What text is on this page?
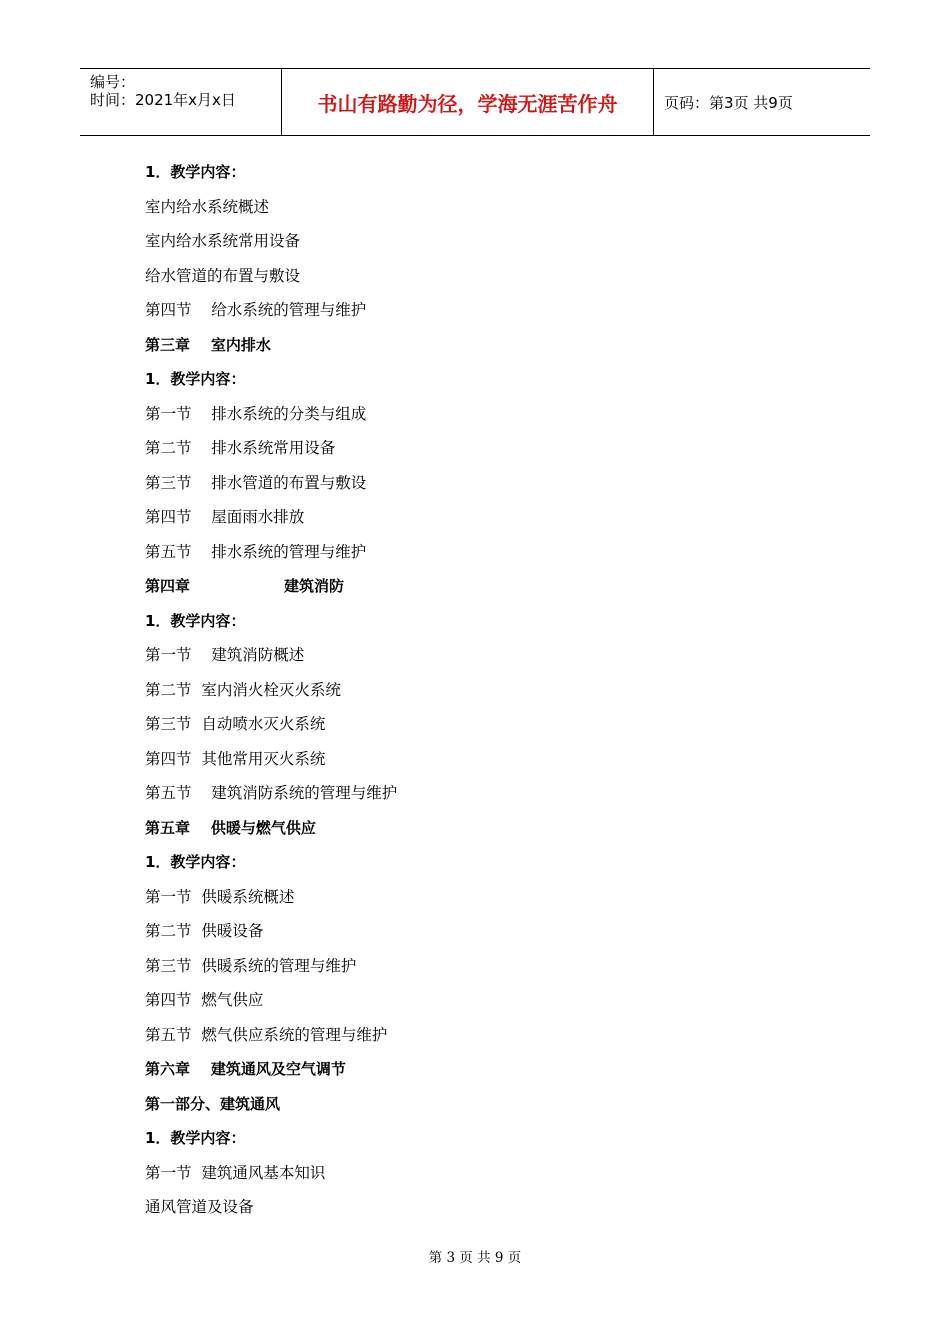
编号：
时间：2021年x月x日	书山有路勤为径，学海无涯苦作舟	页码：第3页 共9页
1．教学内容：
室内给水系统概述
室内给水系统常用设备
给水管道的布置与敷设
第四节    给水系统的管理与维护
第三章    室内排水
1．教学内容：
第一节    排水系统的分类与组成
第二节    排水系统常用设备
第三节    排水管道的布置与敷设
第四节    屋面雨水排放
第五节    排水系统的管理与维护
第四章                  建筑消防
1．教学内容：
第一节    建筑消防概述
第二节  室内消火栓灭火系统
第三节  自动喷水灭火系统
第四节  其他常用灭火系统
第五节    建筑消防系统的管理与维护
第五章    供暖与燃气供应
1．教学内容：
第一节  供暖系统概述
第二节  供暖设备
第三节  供暖系统的管理与维护
第四节  燃气供应
第五节  燃气供应系统的管理与维护
第六章    建筑通风及空气调节
第一部分、建筑通风
1．教学内容：
第一节  建筑通风基本知识
通风管道及设备
第 3 页 共 9 页
